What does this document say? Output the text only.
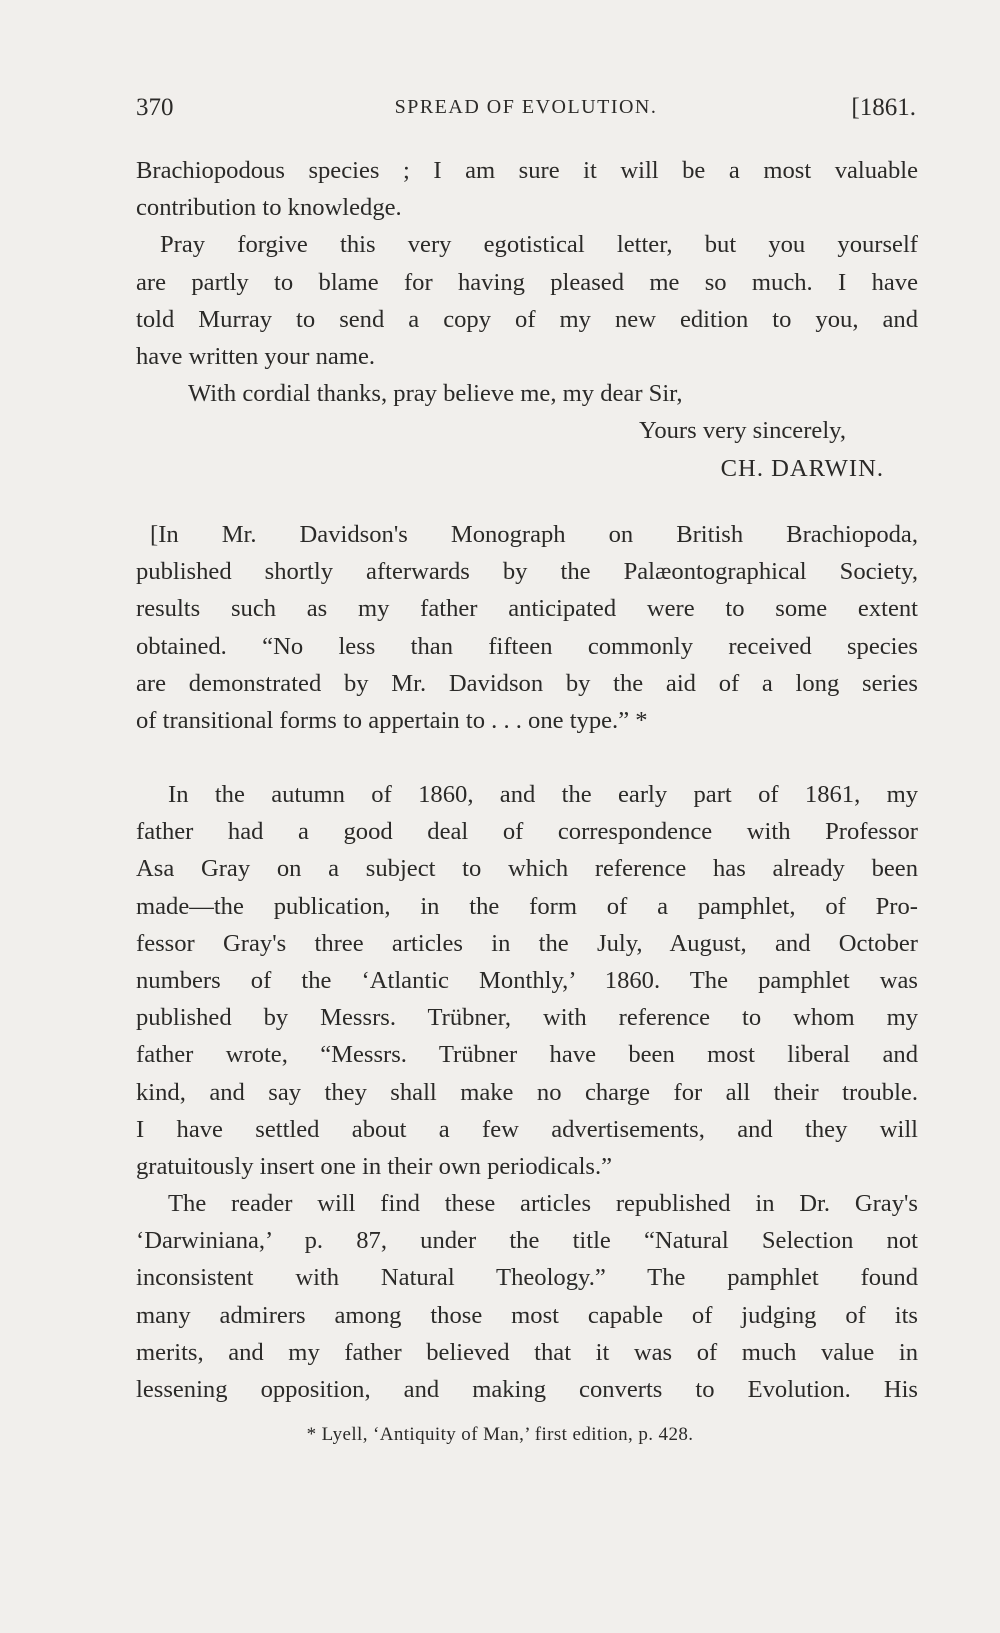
370	SPREAD OF EVOLUTION.	[1861.
Brachiopodous species ; I am sure it will be a most valuable
contribution to knowledge.
Pray forgive this very egotistical letter, but you yourself
are partly to blame for having pleased me so much. I have
told Murray to send a copy of my new edition to you, and
have written your name.
With cordial thanks, pray believe me, my dear Sir,
Yours very sincerely,
CH. DARWIN.
[In Mr. Davidson's Monograph on British Brachiopoda,
published shortly afterwards by the Palæontographical Society,
results such as my father anticipated were to some extent
obtained. “No less than fifteen commonly received species
are demonstrated by Mr. Davidson by the aid of a long series
of transitional forms to appertain to . . . one type.” *
In the autumn of 1860, and the early part of 1861, my
father had a good deal of correspondence with Professor
Asa Gray on a subject to which reference has already been
made—the publication, in the form of a pamphlet, of Pro-
fessor Gray's three articles in the July, August, and October
numbers of the ‘Atlantic Monthly,’ 1860. The pamphlet was
published by Messrs. Trübner, with reference to whom my
father wrote, “Messrs. Trübner have been most liberal and
kind, and say they shall make no charge for all their trouble.
I have settled about a few advertisements, and they will
gratuitously insert one in their own periodicals.”
The reader will find these articles republished in Dr. Gray's
‘Darwiniana,’ p. 87, under the title “Natural Selection not
inconsistent with Natural Theology.” The pamphlet found
many admirers among those most capable of judging of its
merits, and my father believed that it was of much value in
lessening opposition, and making converts to Evolution. His
* Lyell, ‘Antiquity of Man,’ first edition, p. 428.
